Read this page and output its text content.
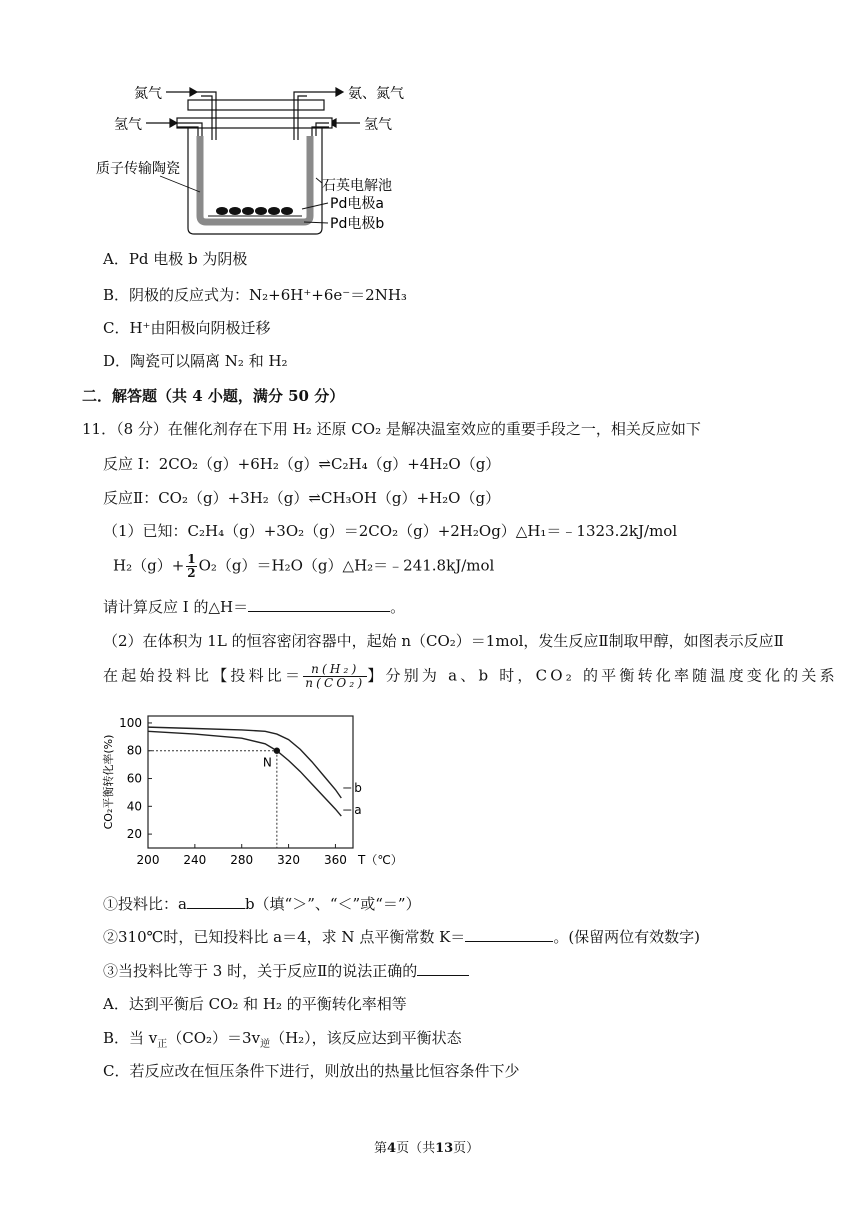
氮气	氨、氮气
氢气	氢气
质子传输陶瓷
石英电解池
Pd电极a
Pd电极b
A．Pd 电极 b 为阴极
B．阴极的反应式为：N₂+6H⁺+6e⁻＝2NH₃
C．H⁺由阳极向阴极迁移
D．陶瓷可以隔离 N₂ 和 H₂
二．解答题（共 4 小题，满分 50 分）
11．（8 分）在催化剂存在下用 H₂ 还原 CO₂ 是解决温室效应的重要手段之一，相关反应如下
反应 I：2CO₂（g）+6H₂（g）⇌C₂H₄（g）+4H₂O（g）
反应Ⅱ：CO₂（g）+3H₂（g）⇌CH₃OH（g）+H₂O（g）
（1）已知：C₂H₄（g）+3O₂（g）＝2CO₂（g）+2H₂Og）△H₁＝﹣1323.2kJ/mol
$H_2(g)+ \frac{1}{2}$ O₂（g）＝H₂O（g）△H₂＝﹣241.8kJ/mol
请计算反应 I 的△H＝	。
（2）在体积为 1L 的恒容密闭容器中，起始 n（CO₂）＝1mol，发生反应Ⅱ制取甲醇，如图表示反应Ⅱ
在起始投料比【投料比＝ $\frac{\text{n(H₂)}}{\text{n(CO₂)}}$ 】分别为 a、b 时，CO₂ 的平衡转化率随温度变化的关系
20
40
60
80
100
200 240 280 320 360 T（℃）
CO₂平衡转化率(%)	b
a
N
①投料比：a	b（填“＞”、“＜”或“＝”）
②310℃时，已知投料比 a＝4，求 N 点平衡常数 K＝	。(保留两位有效数字)
③当投料比等于 3 时，关于反应Ⅱ的说法正确的
A．达到平衡后 CO₂ 和 H₂ 的平衡转化率相等
B．当 $v_正(CO_2)=3v_逆(H_2)$，该反应达到平衡状态
C．若反应改在恒压条件下进行，则放出的热量比恒容条件下少
第4页（共13页）
